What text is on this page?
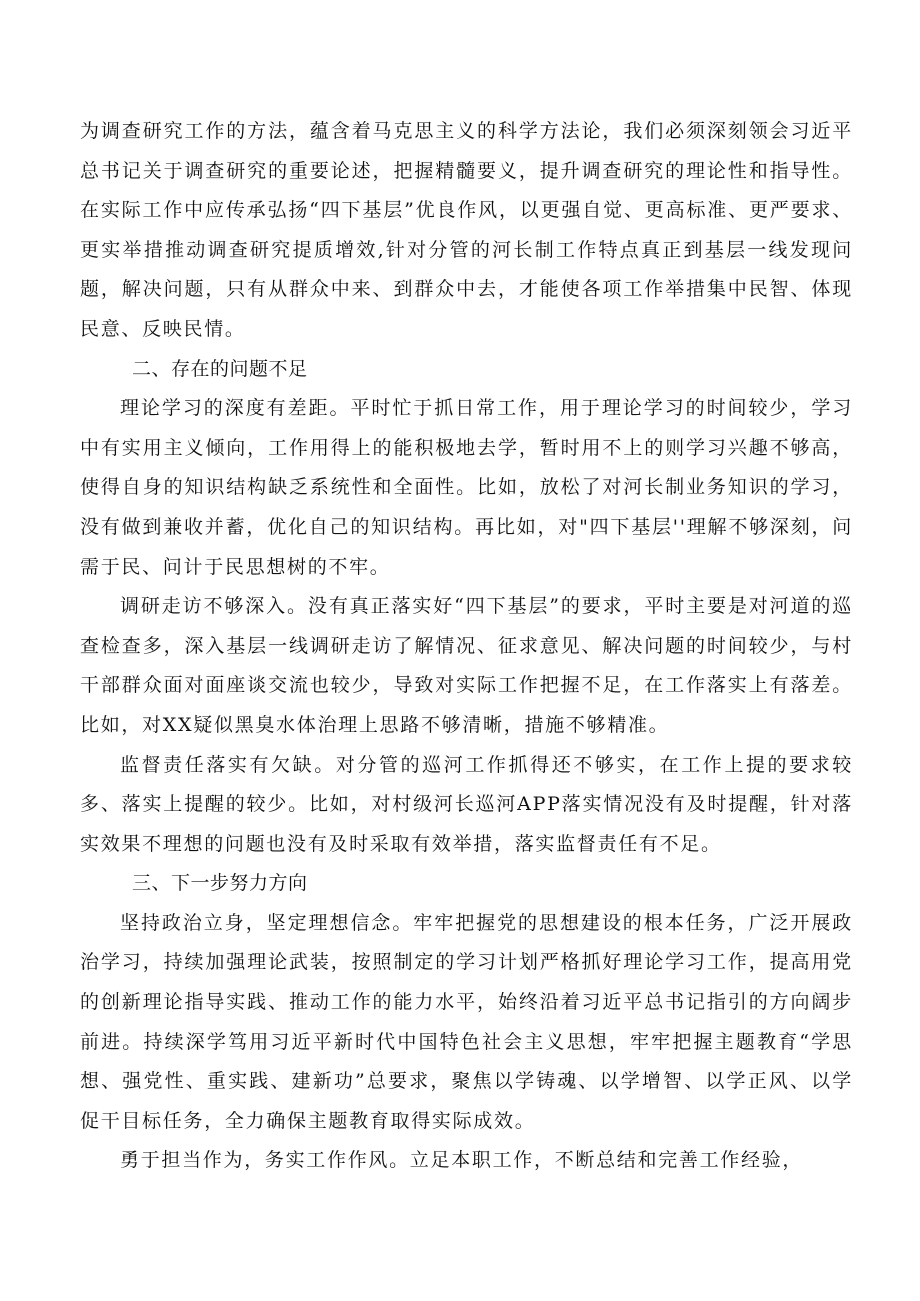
为调查研究工作的方法，蕴含着马克思主义的科学方法论，我们必须深刻领会习近平总书记关于调查研究的重要论述，把握精髓要义，提升调查研究的理论性和指导性。在实际工作中应传承弘扬“四下基层”优良作风，以更强自觉、更高标准、更严要求、更实举措推动调查研究提质增效,针对分管的河长制工作特点真正到基层一线发现问题，解决问题，只有从群众中来、到群众中去，才能使各项工作举措集中民智、体现民意、反映民情。

二、存在的问题不足

理论学习的深度有差距。平时忙于抓日常工作，用于理论学习的时间较少，学习中有实用主义倾向，工作用得上的能积极地去学，暂时用不上的则学习兴趣不够高，使得自身的知识结构缺乏系统性和全面性。比如，放松了对河长制业务知识的学习，没有做到兼收并蓄，优化自己的知识结构。再比如，对"四下基层''理解不够深刻，问需于民、问计于民思想树的不牢。

调研走访不够深入。没有真正落实好“四下基层”的要求，平时主要是对河道的巡查检查多，深入基层一线调研走访了解情况、征求意见、解决问题的时间较少，与村干部群众面对面座谈交流也较少，导致对实际工作把握不足，在工作落实上有落差。比如，对XX疑似黑臭水体治理上思路不够清晰，措施不够精准。

监督责任落实有欠缺。对分管的巡河工作抓得还不够实，在工作上提的要求较多、落实上提醒的较少。比如，对村级河长巡河APP落实情况没有及时提醒，针对落实效果不理想的问题也没有及时采取有效举措，落实监督责任有不足。

三、下一步努力方向

坚持政治立身，坚定理想信念。牢牢把握党的思想建设的根本任务，广泛开展政治学习，持续加强理论武装，按照制定的学习计划严格抓好理论学习工作，提高用党的创新理论指导实践、推动工作的能力水平，始终沿着习近平总书记指引的方向阔步前进。持续深学笃用习近平新时代中国特色社会主义思想，牢牢把握主题教育“学思想、强党性、重实践、建新功”总要求，聚焦以学铸魂、以学增智、以学正风、以学促干目标任务，全力确保主题教育取得实际成效。

勇于担当作为，务实工作作风。立足本职工作，不断总结和完善工作经验，
